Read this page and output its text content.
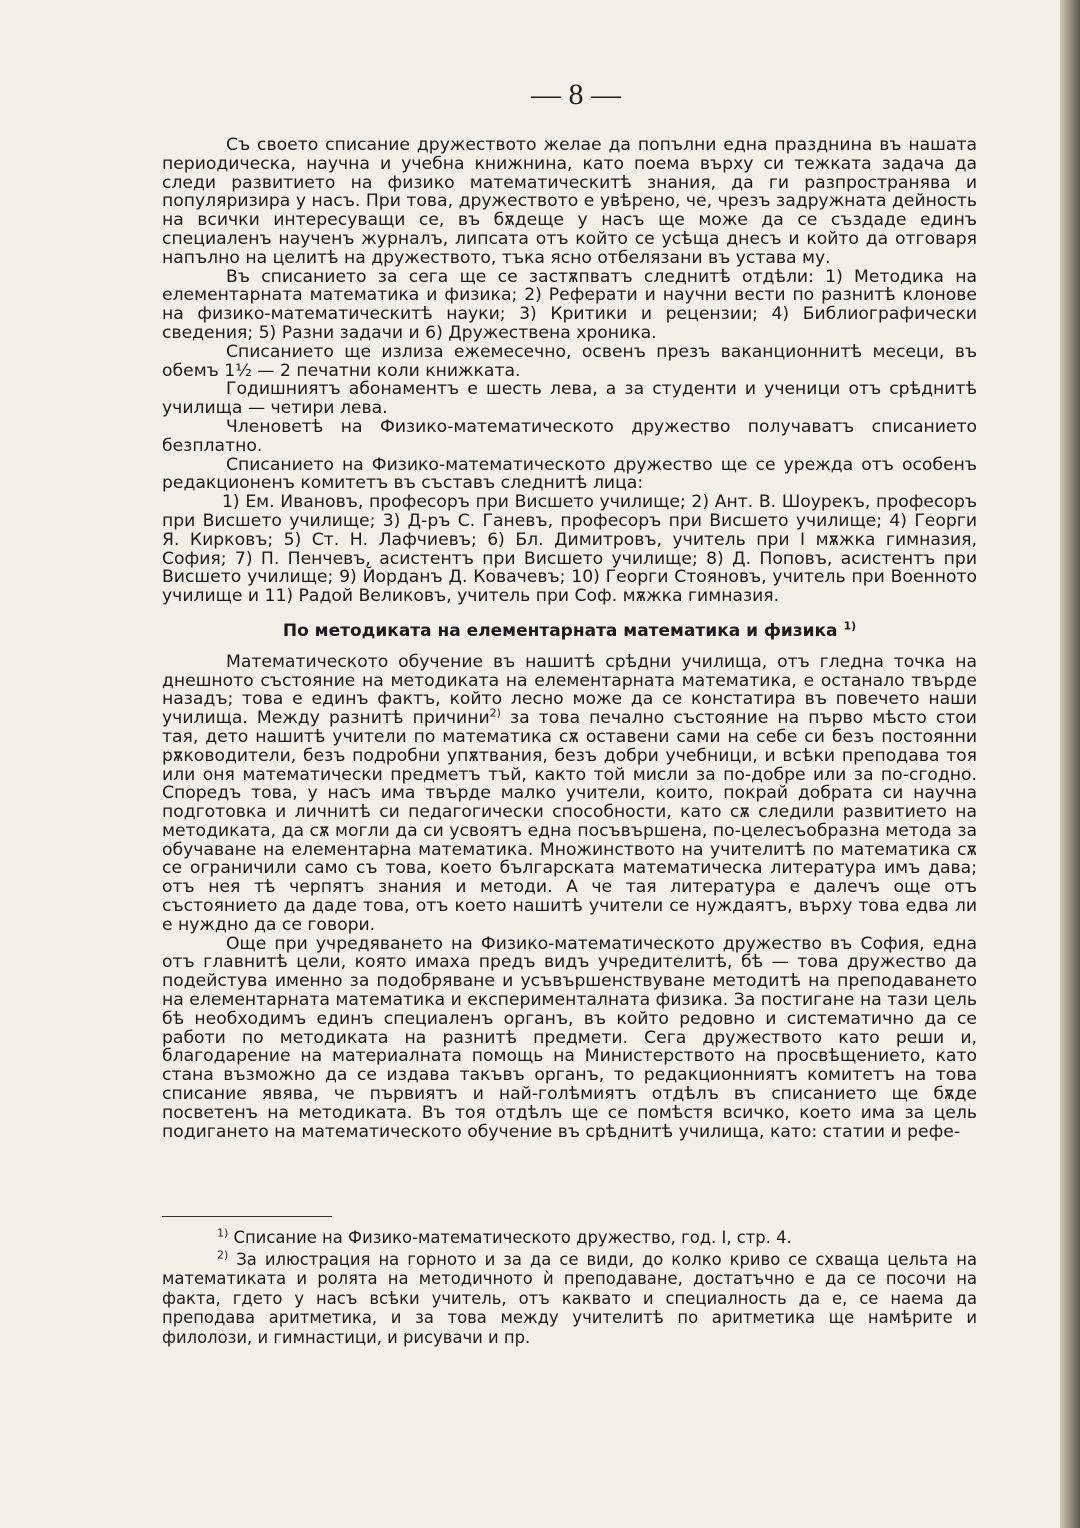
— 8 —

Съ своето списание дружеството желае да попълни една празднина въ нашата периодическа, научна и учебна книжнина, като поема върху си тежката задача да следи развитието на физико математическитѣ знания, да ги разпространява и популяризира у насъ. При това, дружеството е увѣрено, че, чрезъ задружната дейность на всички интересуващи се, въ бѫдеще у насъ ще може да се създаде единъ специаленъ наученъ журналъ, липсата отъ който се усѣща днесъ и който да отговаря напълно на целитѣ на дружеството, тъка ясно отбелязани въ устава му.

Въ списанието за сега ще се застѫпватъ следнитѣ отдѣли: 1) Методика на елементарната математика и физика; 2) Реферати и научни вести по разнитѣ клонове на физико-математическитѣ науки; 3) Критики и рецензии; 4) Библиографически сведения; 5) Разни задачи и 6) Дружествена хроника.

Списанието ще излиза ежемесечно, освенъ презъ ваканционнитѣ месеци, въ обемъ 1½ — 2 печатни коли книжката.

Годишниятъ абонаментъ е шесть лева, а за студенти и ученици отъ срѣднитѣ училища — четири лева.

Членоветѣ на Физико-математическото дружество получаватъ списанието безплатно.

Списанието на Физико-математическото дружество ще се урежда отъ особенъ редакционенъ комитетъ въ съставъ следнитѣ лица:

1) Ем. Ивановъ, професоръ при Висшето училище; 2) Ант. В. Шоурекъ, професоръ при Висшето училище; 3) Д-ръ С. Ганевъ, професоръ при Висшето училище; 4) Георги Я. Кирковъ; 5) Ст. Н. Лафчиевъ; 6) Бл. Димитровъ, учитель при I мѫжка гимназия, София; 7) П. Пенчевъ, асистентъ при Висшето училище; 8) Д. Поповъ, асистентъ при Висшето училище; 9) Йорданъ Д. Ковачевъ; 10) Георги Стояновъ, учитель при Военното училище и 11) Радой Великовъ, учитель при Соф. мѫжка гимназия.

По методиката на елементарната математика и физика $^{1)}$

Математическото обучение въ нашитѣ срѣдни училища, отъ гледна точка на днешното състояние на методиката на елементарната математика, е останало твърде назадъ; това е единъ фактъ, който лесно може да се констатира въ повечето наши училища. Между разнитѣ причини$^{2)}$ за това печално състояние на първо мѣсто стои тая, дето нашитѣ учители по математика сѫ оставени сами на себе си безъ постоянни рѫководители, безъ подробни упѫтвания, безъ добри учебници, и всѣки преподава тоя или оня математически предметъ тъй, както той мисли за по-добре или за по-сгодно. Споредъ това, у насъ има твърде малко учители, които, покрай добрата си научна подготовка и личнитѣ си педагогически способности, като сѫ следили развитието на методиката, да сѫ могли да си усвоятъ една посъвършена, по-целесъобразна метода за обучаване на елементарна математика. Множинството на учителитѣ по математика сѫ се ограничили само съ това, което българската математическа литература имъ дава; отъ нея тѣ черпятъ знания и методи. А че тая литература е далечъ още отъ състоянието да даде това, отъ което нашитѣ учители се нуждаятъ, върху това едва ли е нуждно да се говори.

Още при учредяването на Физико-математическото дружество въ София, една отъ главнитѣ цели, която имаха предъ видъ учредителитѣ, бѣ — това дружество да подейстува именно за подобряване и усъвършенствуване методитѣ на преподаването на елементарната математика и експерименталната физика. За постигане на тази цель бѣ необходимъ единъ специаленъ органъ, въ който редовно и систематично да се работи по методиката на разнитѣ предмети. Сега дружеството като реши и, благодарение на материалната помощь на Министерството на просвѣщението, като стана възможно да се издава такъвъ органъ, то редакционниятъ комитетъ на това списание явява, че първиятъ и най-голѣмиятъ отдѣлъ въ списанието ще бѫде посветенъ на методиката. Въ тоя отдѣлъ ще се помѣстя всичко, което има за цель подигането на математическото обучение въ срѣднитѣ училища, като: статии и рефе-

$^{1)}$ Списание на Физико-математическото дружество, год. I, стр. 4.

$^{2)}$ За илюстрация на горното и за да се види, до колко криво се схваща цельта на математиката и ролята на методичното ѝ преподаване, достатъчно е да се посочи на факта, гдето у насъ всѣки учитель, отъ каквато и специалность да е, се наема да преподава аритметика, и за това между учителитѣ по аритметика ще намѣрите и филолози, и гимнастици, и рисувачи и пр.
